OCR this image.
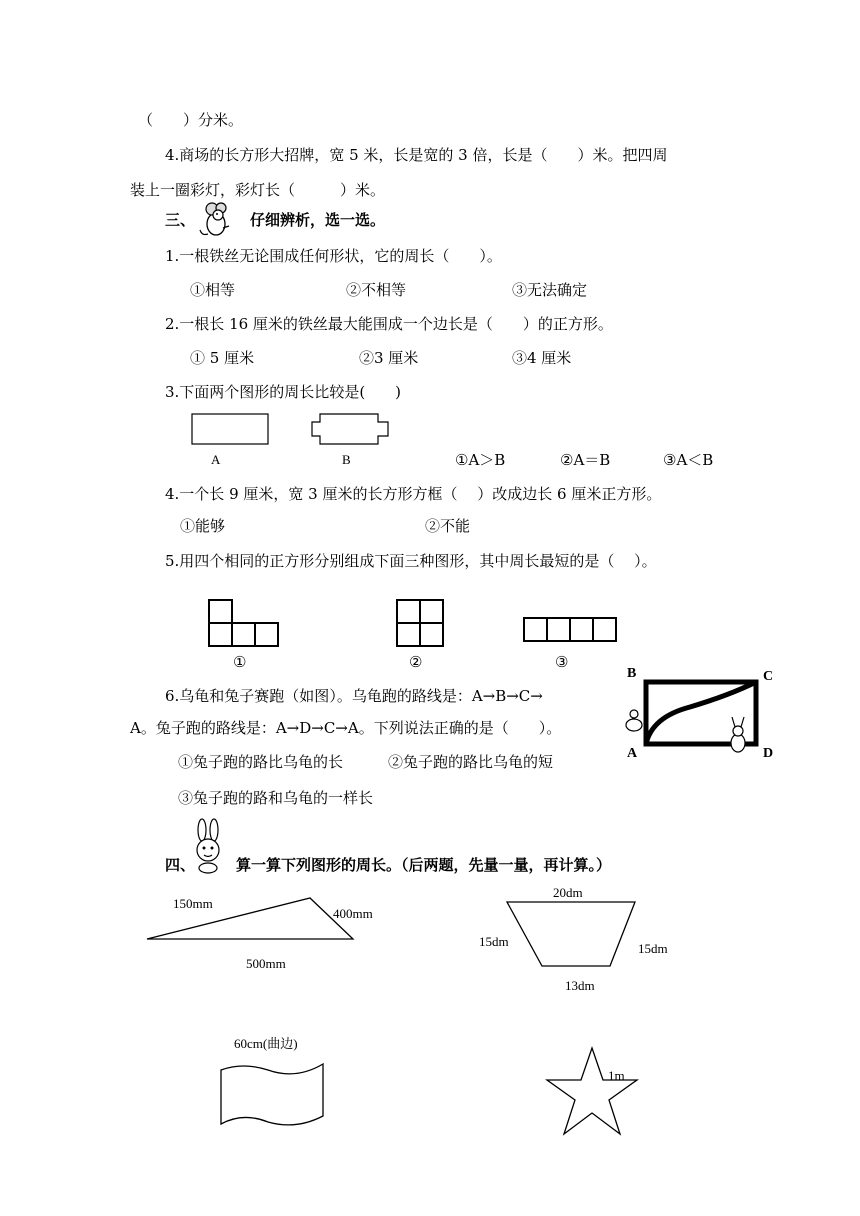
（　　）分米。
4.商场的长方形大招牌，宽 5 米，长是宽的 3 倍，长是（　　）米。把四周
装上一圈彩灯，彩灯长（　　　）米。
三、	仔细辨析，选一选。
1.一根铁丝无论围成任何形状，它的周长（　　）。
①相等	②不相等	③无法确定
2.一根长 16 厘米的铁丝最大能围成一个边长是（　　）的正方形。
① 5 厘米	②3 厘米	③4 厘米
3.下面两个图形的周长比较是(　　)
A	B	①A＞B	②A＝B	③A＜B
4.一个长 9 厘米，宽 3 厘米的长方形方框（　 ）改成边长 6 厘米正方形。
①能够	②不能
5.用四个相同的正方形分别组成下面三种图形，其中周长最短的是（　 ）。
①	②	③
6.乌龟和兔子赛跑（如图）。乌龟跑的路线是：A→B→C→
A。兔子跑的路线是：A→D→C→A。下列说法正确的是（　　）。
B	C
A	D
①兔子跑的路比乌龟的长	②兔子跑的路比乌龟的短
③兔子跑的路和乌龟的一样长
四、	算一算下列图形的周长。（后两题，先量一量，再计算。）
150mm
400mm
500mm
20dm
15dm	15dm
13dm
60cm(曲边)
1m
